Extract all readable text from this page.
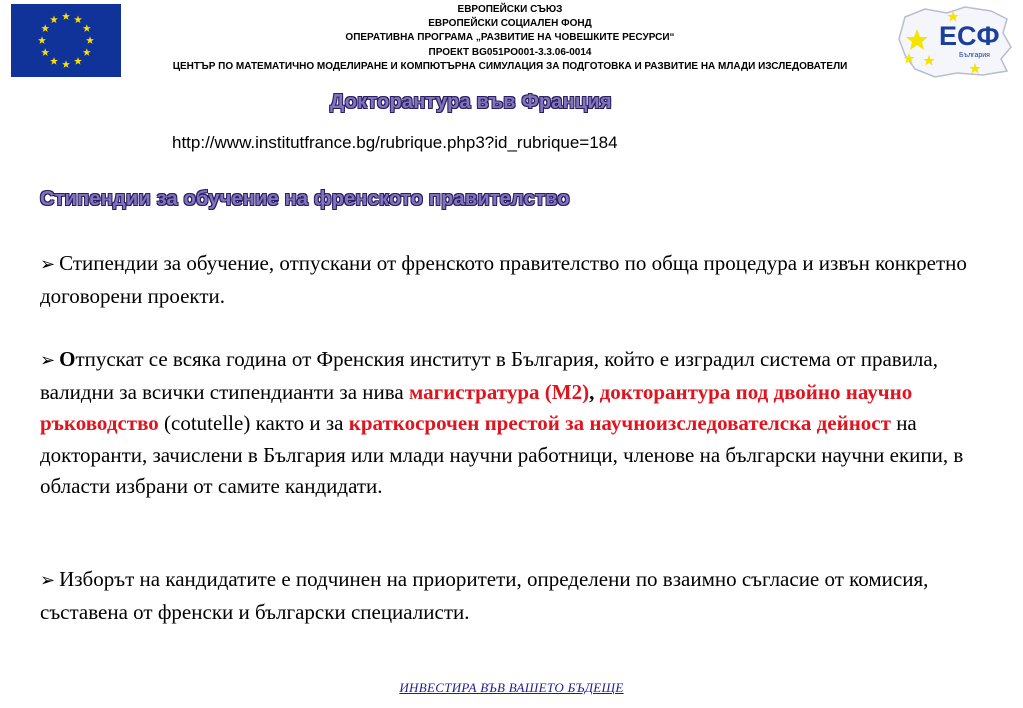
ЕВРОПЕЙСКИ СЪЮЗ
ЕВРОПЕЙСКИ СОЦИАЛЕН ФОНД
ОПЕРАТИВНА ПРОГРАМА „РАЗВИТИЕ НА ЧОВЕШКИТЕ РЕСУРСИ“
ПРОЕКТ BG051PO001-3.3.06-0014
ЦЕНТЪР ПО МАТЕМАТИЧНО МОДЕЛИРАНЕ И КОМПЮТЪРНА СИМУЛАЦИЯ ЗА ПОДГОТОВКА И РАЗВИТИЕ НА МЛАДИ ИЗСЛЕДОВАТЕЛИ
ЕСФ
България
Докторантура във Франция
http://www.institutfrance.bg/rubrique.php3?id_rubrique=184
Стипендии за обучение на френското правителство
➢ Стипендии за обучение, отпускани от френското правителство по обща процедура и извън конкретно договорени проекти.
➢ Отпускат се всяка година от Френския институт в България, който е изградил система от правила, валидни за всички стипендианти за нива магистратура (М2), докторантура под двойно научно ръководство (cotutelle) както и за краткосрочен престой за научноизследователска дейност на докторанти, зачислени в България или млади научни работници, членове на български научни екипи, в области избрани от самите кандидати.
➢ Изборът на кандидатите е подчинен на приоритети, определени по взаимно съгласие от комисия, съставена от френски и български специалисти.
ИНВЕСТИРА ВЪВ ВАШЕТО БЪДЕЩЕ
